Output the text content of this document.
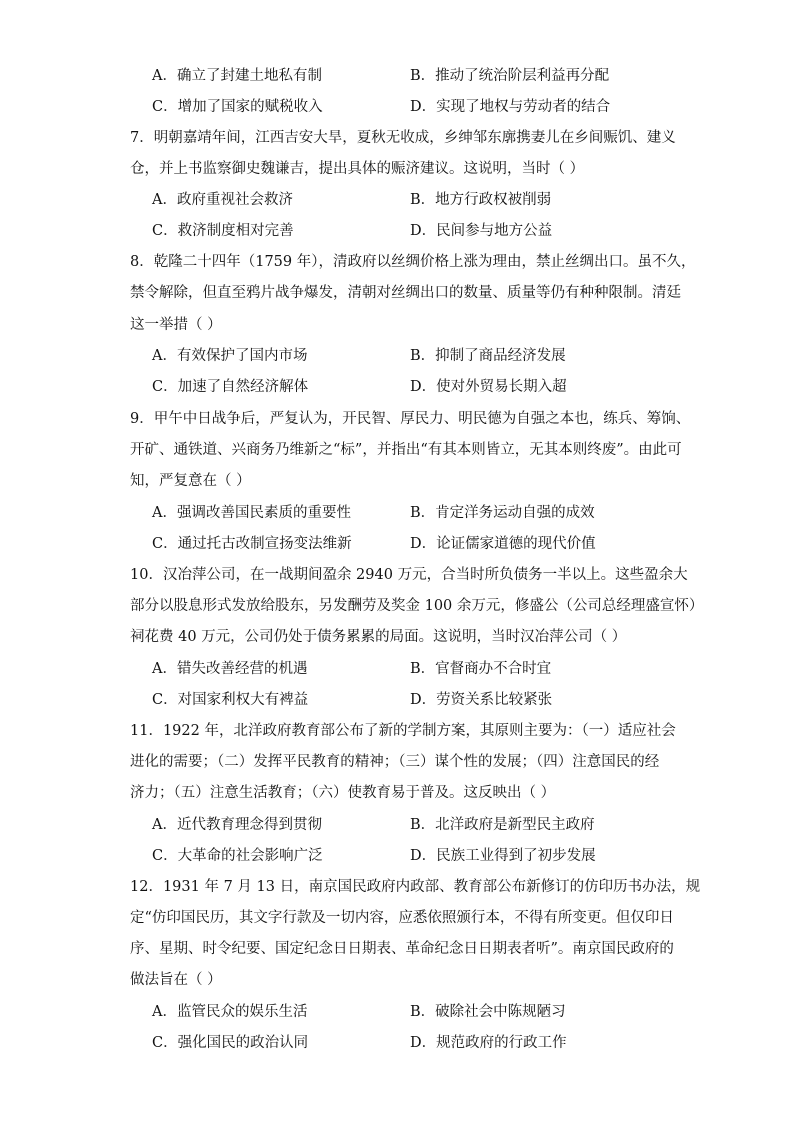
A．确立了封建土地私有制	B．推动了统治阶层利益再分配
C．增加了国家的赋税收入	D．实现了地权与劳动者的结合
7．明朝嘉靖年间，江西吉安大旱，夏秋无收成，乡绅邹东廓携妻儿在乡间赈饥、建义
仓，并上书监察御史魏谦吉，提出具体的赈济建议。这说明，当时（ ）
A．政府重视社会救济	B．地方行政权被削弱
C．救济制度相对完善	D．民间参与地方公益
8．乾隆二十四年（1759 年），清政府以丝绸价格上涨为理由，禁止丝绸出口。虽不久，
禁令解除，但直至鸦片战争爆发，清朝对丝绸出口的数量、质量等仍有种种限制。清廷
这一举措（ ）
A．有效保护了国内市场	B．抑制了商品经济发展
C．加速了自然经济解体	D．使对外贸易长期入超
9．甲午中日战争后，严复认为，开民智、厚民力、明民德为自强之本也，练兵、筹饷、
开矿、通铁道、兴商务乃维新之“标”，并指出“有其本则皆立，无其本则终废”。由此可
知，严复意在（ ）
A．强调改善国民素质的重要性	B．肯定洋务运动自强的成效
C．通过托古改制宣扬变法维新	D．论证儒家道德的现代价值
10．汉冶萍公司，在一战期间盈余 2940 万元，合当时所负债务一半以上。这些盈余大
部分以股息形式发放给股东，另发酬劳及奖金 100 余万元，修盛公（公司总经理盛宣怀）
祠花费 40 万元，公司仍处于债务累累的局面。这说明，当时汉冶萍公司（ ）
A．错失改善经营的机遇	B．官督商办不合时宜
C．对国家利权大有裨益	D．劳资关系比较紧张
11．1922 年，北洋政府教育部公布了新的学制方案，其原则主要为：（一）适应社会
进化的需要；（二）发挥平民教育的精神；（三）谋个性的发展；（四）注意国民的经
济力；（五）注意生活教育；（六）使教育易于普及。这反映出（ ）
A．近代教育理念得到贯彻	B．北洋政府是新型民主政府
C．大革命的社会影响广泛	D．民族工业得到了初步发展
12．1931 年 7 月 13 日，南京国民政府内政部、教育部公布新修订的仿印历书办法，规
定“仿印国民历，其文字行款及一切内容，应悉依照颁行本，不得有所变更。但仅印日
序、星期、时令纪要、国定纪念日日期表、革命纪念日日期表者听”。南京国民政府的
做法旨在（ ）
A．监管民众的娱乐生活	B．破除社会中陈规陋习
C．强化国民的政治认同	D．规范政府的行政工作
